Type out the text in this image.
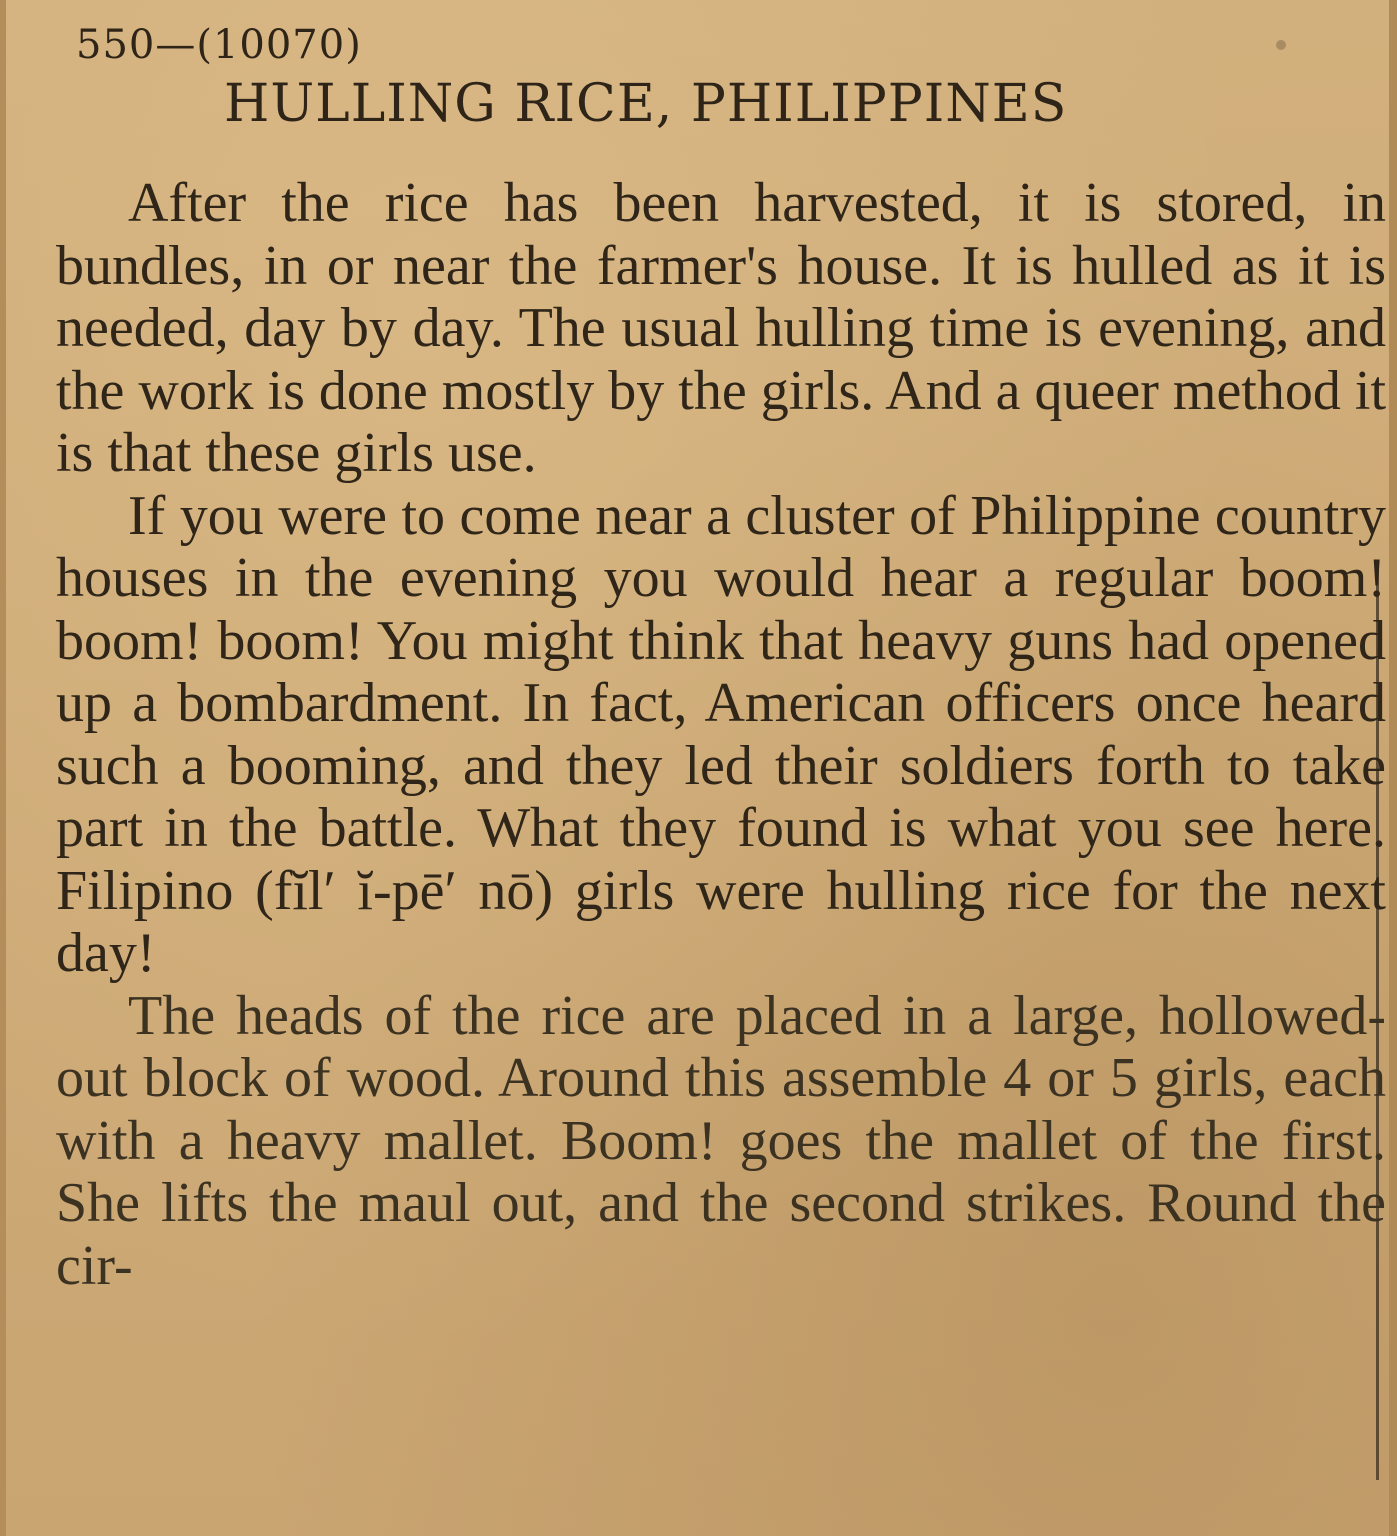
550—(10070)
HULLING RICE, PHILIPPINES

After the rice has been harvested, it is stored, in bundles, in or near the farmer's house. It is hulled as it is needed, day by day. The usual hulling time is evening, and the work is done mostly by the girls. And a queer method it is that these girls use.

If you were to come near a cluster of Philippine country houses in the evening you would hear a regular boom! boom! boom! You might think that heavy guns had opened up a bombardment. In fact, American officers once heard such a booming, and they led their soldiers forth to take part in the battle. What they found is what you see here. Filipino (fĭl′ ĭ-pē′ nō) girls were hulling rice for the next day!

The heads of the rice are placed in a large, hollowed-out block of wood. Around this assemble 4 or 5 girls, each with a heavy mallet. Boom! goes the mallet of the first. She lifts the maul out, and the second strikes. Round the cir-
